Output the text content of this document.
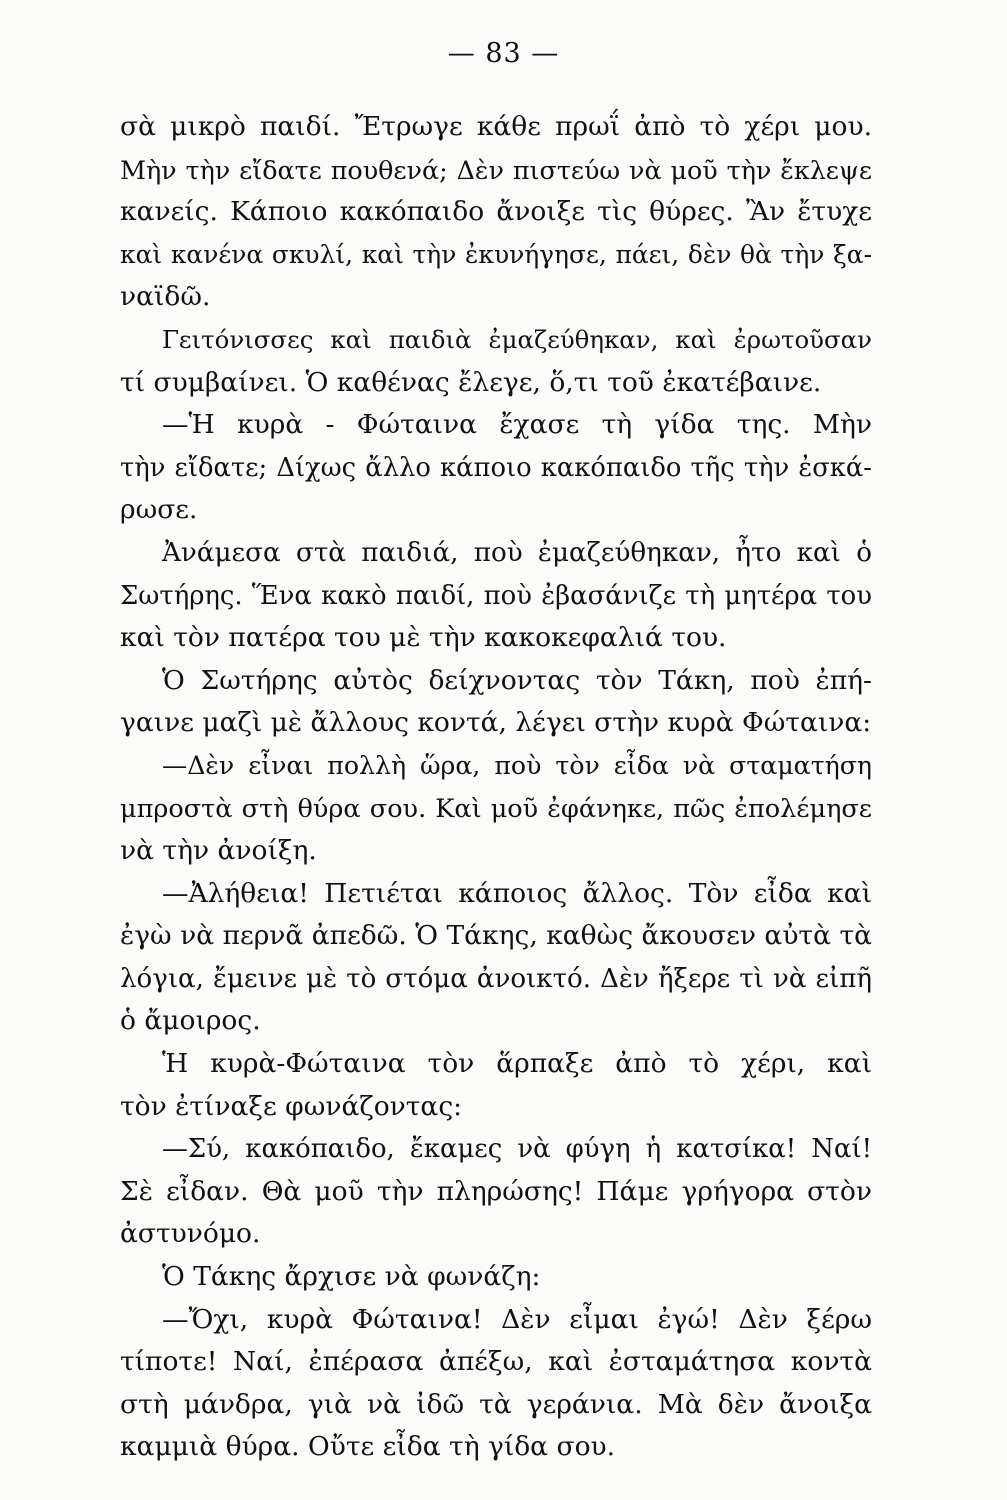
— 83 —
σὰ μικρὸ παιδί. Ἔτρωγε κάθε πρωΐ ἀπὸ τὸ χέρι μου.
Μὴν τὴν εἴδατε πουθενά; Δὲν πιστεύω νὰ μοῦ τὴν ἔκλεψε
κανείς. Κάποιο κακόπαιδο ἄνοιξε τὶς θύρες. Ἂν ἔτυχε
καὶ κανένα σκυλί, καὶ τὴν ἐκυνήγησε, πάει, δὲν θὰ τὴν ξα-
ναϊδῶ.
Γειτόνισσες καὶ παιδιὰ ἐμαζεύθηκαν, καὶ ἐρωτοῦσαν
τί συμβαίνει. Ὁ καθένας ἔλεγε, ὅ,τι τοῦ ἐκατέβαινε.
—Ἡ κυρὰ - Φώταινα ἔχασε τὴ γίδα της. Μὴν
τὴν εἴδατε; Δίχως ἄλλο κάποιο κακόπαιδο τῆς τὴν ἐσκά-
ρωσε.
Ἀνάμεσα στὰ παιδιά, ποὺ ἐμαζεύθηκαν, ἦτο καὶ ὁ
Σωτήρης. Ἕνα κακὸ παιδί, ποὺ ἐβασάνιζε τὴ μητέρα του
καὶ τὸν πατέρα του μὲ τὴν κακοκεφαλιά του.
Ὁ Σωτήρης αὐτὸς δείχνοντας τὸν Τάκη, ποὺ ἐπή-
γαινε μαζὶ μὲ ἄλλους κοντά, λέγει στὴν κυρὰ Φώταινα:
—Δὲν εἶναι πολλὴ ὥρα, ποὺ τὸν εἶδα νὰ σταματήση
μπροστὰ στὴ θύρα σου. Καὶ μοῦ ἐφάνηκε, πῶς ἐπολέμησε
νὰ τὴν ἀνοίξη.
—Ἀλήθεια! Πετιέται κάποιος ἄλλος. Τὸν εἶδα καὶ
ἐγὼ νὰ περνᾶ ἀπεδῶ. Ὁ Τάκης, καθὼς ἄκουσεν αὐτὰ τὰ
λόγια, ἔμεινε μὲ τὸ στόμα ἀνοικτό. Δὲν ἤξερε τὶ νὰ εἰπῆ
ὁ ἄμοιρος.
Ἡ κυρὰ-Φώταινα τὸν ἅρπαξε ἀπὸ τὸ χέρι, καὶ
τὸν ἐτίναξε φωνάζοντας:
—Σύ, κακόπαιδο, ἔκαμες νὰ φύγη ἡ κατσίκα! Ναί!
Σὲ εἶδαν. Θὰ μοῦ τὴν πληρώσης! Πάμε γρήγορα στὸν
ἀστυνόμο.
Ὁ Τάκης ἄρχισε νὰ φωνάζη:
—Ὄχι, κυρὰ Φώταινα! Δὲν εἶμαι ἐγώ! Δὲν ξέρω
τίποτε! Ναί, ἐπέρασα ἀπέξω, καὶ ἐσταμάτησα κοντὰ
στὴ μάνδρα, γιὰ νὰ ἰδῶ τὰ γεράνια. Μὰ δὲν ἄνοιξα
καμμιὰ θύρα. Οὔτε εἶδα τὴ γίδα σου.
